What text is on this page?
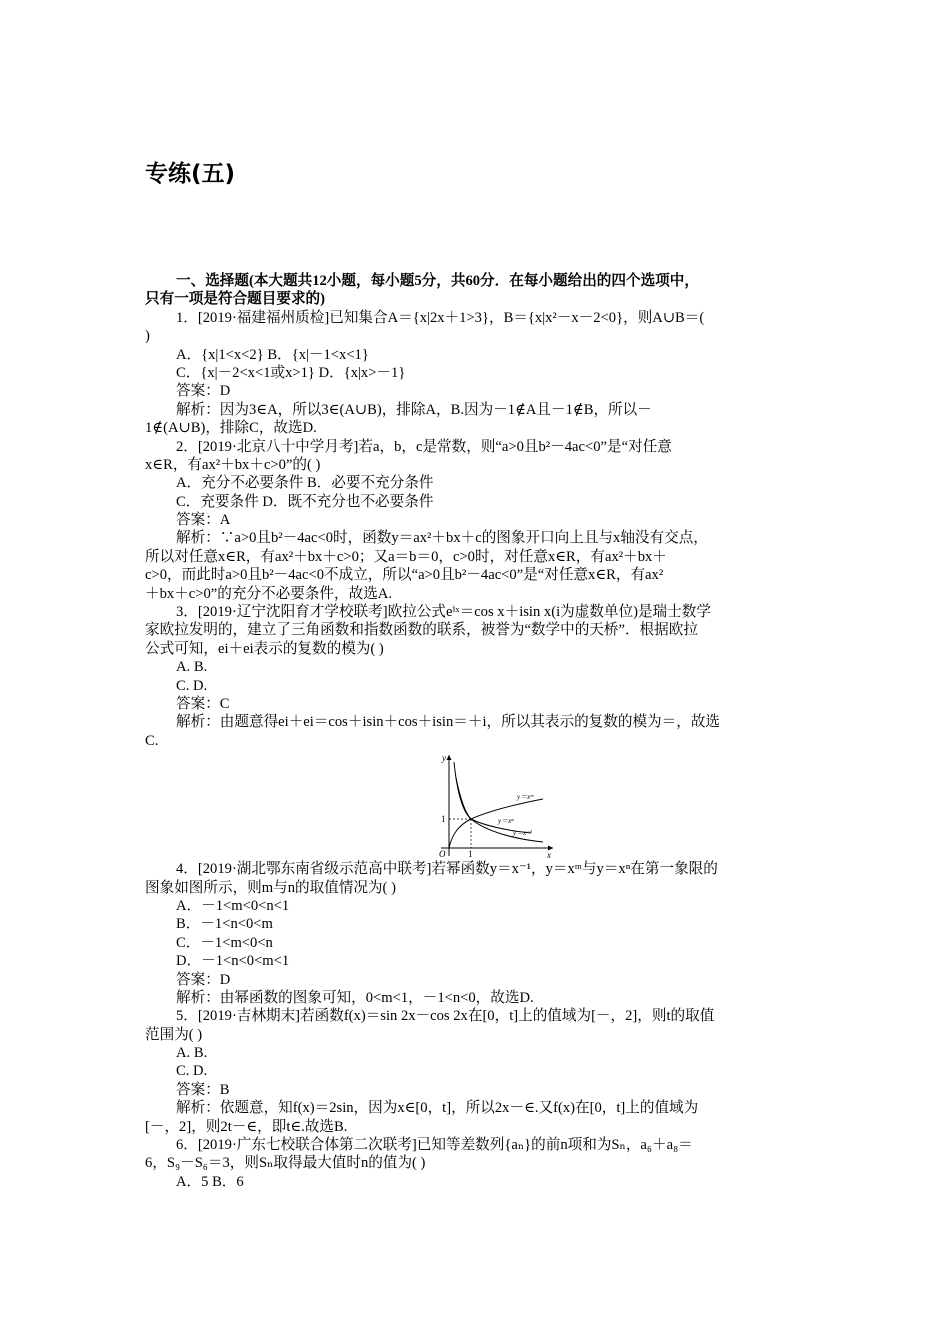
专练(五)
一、选择题(本大题共12小题，每小题5分，共60分．在每小题给出的四个选项中，
只有一项是符合题目要求的)
1．[2019·福建福州质检]已知集合A＝{x|2x＋1>3}，B＝{x|x²－x－2<0}，则A∪B＝(
)
A．{x|1<x<2} B．{x|－1<x<1}
C．{x|－2<x<1或x>1} D．{x|x>－1}
答案：D
解析：因为3∈A，所以3∈(A∪B)，排除A，B.因为－1∉A且－1∉B，所以－
1∉(A∪B)，排除C，故选D.
2．[2019·北京八十中学月考]若a，b，c是常数，则“a>0且b²－4ac<0”是“对任意
x∈R，有ax²＋bx＋c>0”的( )
A．充分不必要条件 B．必要不充分条件
C．充要条件 D．既不充分也不必要条件
答案：A
解析：∵a>0且b²－4ac<0时，函数y＝ax²＋bx＋c的图象开口向上且与x轴没有交点，
所以对任意x∈R，有ax²＋bx＋c>0；又a＝b＝0，c>0时，对任意x∈R，有ax²＋bx＋
c>0，而此时a>0且b²－4ac<0不成立，所以“a>0且b²－4ac<0”是“对任意x∈R，有ax²
＋bx＋c>0”的充分不必要条件，故选A.
3．[2019·辽宁沈阳育才学校联考]欧拉公式eⁱˣ＝cos x＋isin x(i为虚数单位)是瑞士数学
家欧拉发明的，建立了三角函数和指数函数的联系，被誉为“数学中的天桥”．根据欧拉
公式可知，ei＋ei表示的复数的模为( )
A. B.
C. D.
答案：C
解析：由题意得ei＋ei＝cos＋isin＋cos＋isin＝＋i，所以其表示的复数的模为＝，故选
C.
y
x
O	1
1
y＝xᵐ
y＝xⁿ
y＝x⁻¹
4．[2019·湖北鄂东南省级示范高中联考]若幂函数y＝x⁻¹，y＝xᵐ与y＝xⁿ在第一象限的
图象如图所示，则m与n的取值情况为( )
A．－1<m<0<n<1
B．－1<n<0<m
C．－1<m<0<n
D．－1<n<0<m<1
答案：D
解析：由幂函数的图象可知，0<m<1，－1<n<0，故选D.
5．[2019·吉林期末]若函数f(x)＝sin 2x－cos 2x在[0，t]上的值域为[－，2]，则t的取值
范围为( )
A. B.
C. D.
答案：B
解析：依题意，知f(x)＝2sin，因为x∈[0，t]，所以2x－∈.又f(x)在[0，t]上的值域为
[－，2]，则2t－∈，即t∈.故选B.
6．[2019·广东七校联合体第二次联考]已知等差数列{aₙ}的前n项和为Sₙ，a₆＋a₈＝
6，S₉－S₆＝3，则Sₙ取得最大值时n的值为( )
A．5 B．6
